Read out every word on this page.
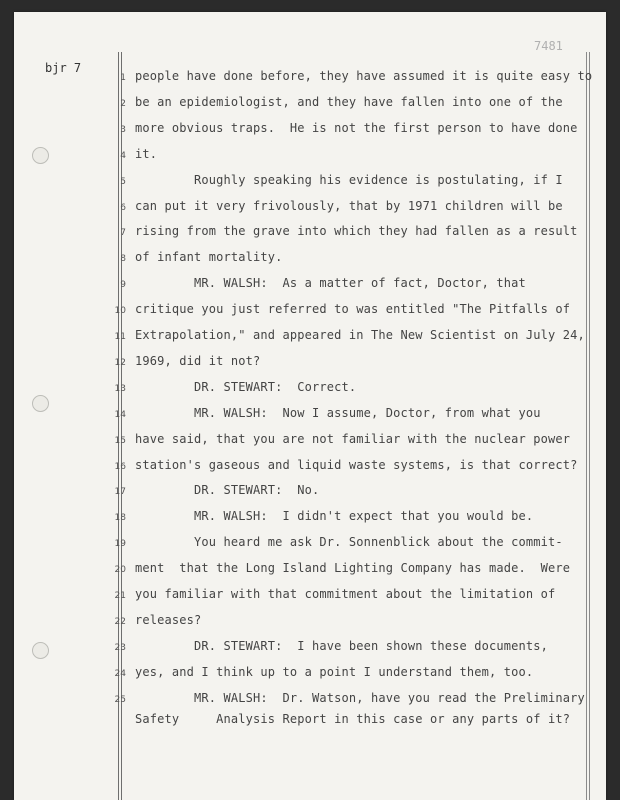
bjr 7
7481
1
2
3
4
5
6
7
8
9
10
11
12
13
14
15
16
17
18
19
20
21
22
23
24
25
people have done before, they have assumed it is quite easy to
be an epidemiologist, and they have fallen into one of the
more obvious traps.  He is not the first person to have done
it.
Roughly speaking his evidence is postulating, if I
can put it very frivolously, that by 1971 children will be
rising from the grave into which they had fallen as a result
of infant mortality.
MR. WALSH:  As a matter of fact, Doctor, that
critique you just referred to was entitled "The Pitfalls of
Extrapolation," and appeared in The New Scientist on July 24,
1969, did it not?
DR. STEWART:  Correct.
MR. WALSH:  Now I assume, Doctor, from what you
have said, that you are not familiar with the nuclear power
station's gaseous and liquid waste systems, is that correct?
DR. STEWART:  No.
MR. WALSH:  I didn't expect that you would be.
You heard me ask Dr. Sonnenblick about the commit-
ment  that the Long Island Lighting Company has made.  Were
you familiar with that commitment about the limitation of
releases?
DR. STEWART:  I have been shown these documents,
yes, and I think up to a point I understand them, too.
MR. WALSH:  Dr. Watson, have you read the Preliminary
Safety     Analysis Report in this case or any parts of it?
